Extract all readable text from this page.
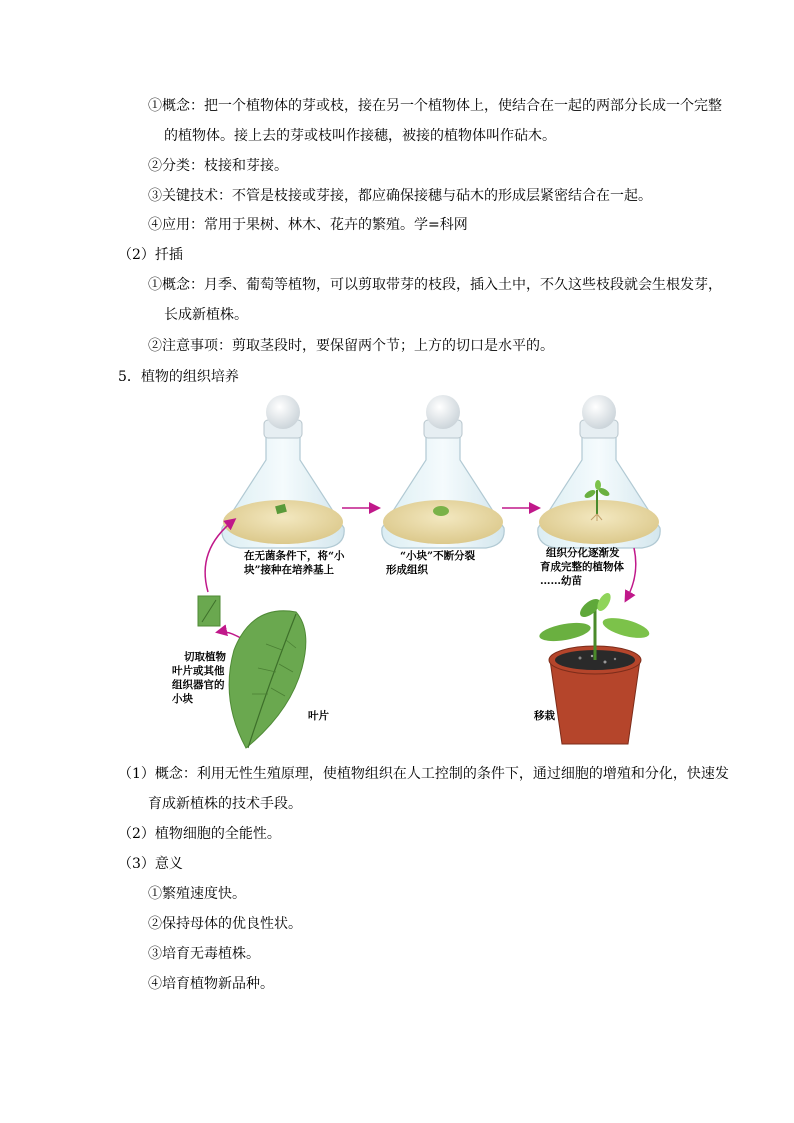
①概念：把一个植物体的芽或枝，接在另一个植物体上，使结合在一起的两部分长成一个完整
的植物体。接上去的芽或枝叫作接穗，被接的植物体叫作砧木。
②分类：枝接和芽接。
③关键技术：不管是枝接或芽接，都应确保接穗与砧木的形成层紧密结合在一起。
④应用：常用于果树、林木、花卉的繁殖。学=科网
（2）扦插
①概念：月季、葡萄等植物，可以剪取带芽的枝段，插入土中，不久这些枝段就会生根发芽，
长成新植株。
②注意事项：剪取茎段时，要保留两个节；上方的切口是水平的。
5．植物的组织培养
在无菌条件下，将“小
块”接种在培养基上
“小块”不断分裂
形成组织
组织分化逐渐发
育成完整的植物体
……幼苗
切取植物
叶片或其他
组织器官的
小块
叶片	移栽
（1）概念：利用无性生殖原理，使植物组织在人工控制的条件下，通过细胞的增殖和分化，快速发
育成新植株的技术手段。
（2）植物细胞的全能性。
（3）意义
①繁殖速度快。
②保持母体的优良性状。
③培育无毒植株。
④培育植物新品种。
